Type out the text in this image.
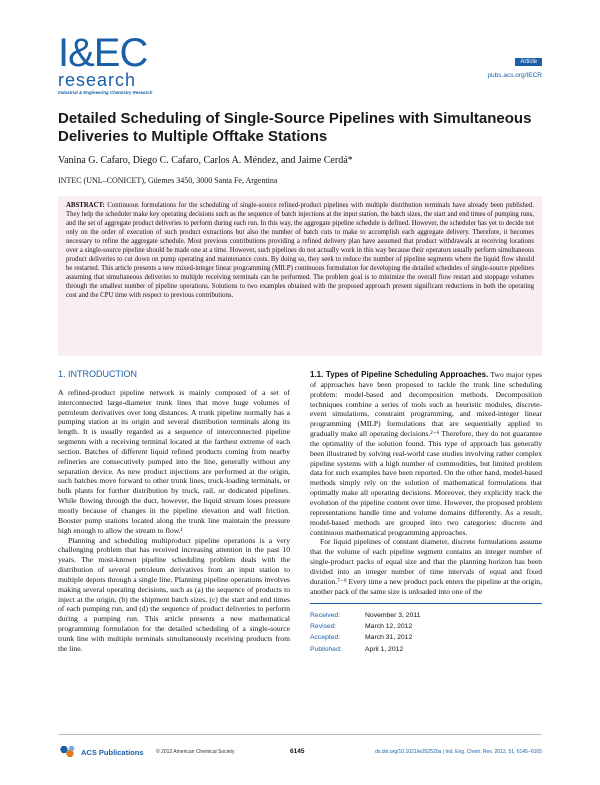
I&EC
research
Industrial & Engineering Chemistry Research
Article
pubs.acs.org/IECR
Detailed Scheduling of Single-Source Pipelines with Simultaneous Deliveries to Multiple Offtake Stations
Vanina G. Cafaro, Diego C. Cafaro, Carlos A. Méndez, and Jaime Cerdá*
INTEC (UNL–CONICET), Güemes 3450, 3000 Santa Fe, Argentina
ABSTRACT: Continuous formulations for the scheduling of single-source refined-product pipelines with multiple distribution terminals have already been published. They help the scheduler make key operating decisions such as the sequence of batch injections at the input station, the batch sizes, the start and end times of pumping runs, and the set of aggregate product deliveries to perform during each run. In this way, the aggregate pipeline schedule is defined. However, the scheduler has yet to decide not only on the order of execution of such product extractions but also the number of batch cuts to make to accomplish each aggregate delivery. Therefore, it becomes necessary to refine the aggregate schedule. Most previous contributions providing a refined delivery plan have assumed that product withdrawals at receiving locations over a single-source pipeline should be made one at a time. However, such pipelines do not actually work in this way because their operators usually perform simultaneous product deliveries to cut down on pump operating and maintenance costs. By doing so, they seek to reduce the number of pipeline segments where the liquid flow should be restarted. This article presents a new mixed-integer linear programming (MILP) continuous formulation for developing the detailed schedules of single-source pipelines assuming that simultaneous deliveries to multiple receiving terminals can be performed. The problem goal is to minimize the overall flow restart and stoppage volumes through the smallest number of pipeline operations. Solutions to two examples obtained with the proposed approach present significant reductions in both the operating cost and the CPU time with respect to previous contributions.
1. INTRODUCTION

A refined-product pipeline network is mainly composed of a set of interconnected large-diameter trunk lines that move huge volumes of petroleum derivatives over long distances. A trunk pipeline normally has a pumping station at its origin and several distribution terminals along its length. It is usually regarded as a sequence of interconnected pipeline segments with a receiving terminal located at the farthest extreme of each section. Batches of different liquid refined products coming from nearby refineries are consecutively pumped into the line, generally without any separation device. As new product injections are performed at the origin, such batches move forward to other trunk lines, truck-loading terminals, or bulk plants for further distribution by truck, rail, or dedicated pipelines. While flowing through the duct, however, the liquid stream loses pressure mostly because of changes in the pipeline elevation and wall friction. Booster pump stations located along the trunk line maintain the pressure high enough to allow the stream to flow.¹

Planning and scheduling multiproduct pipeline operations is a very challenging problem that has received increasing attention in the past 10 years. The most-known pipeline scheduling problem deals with the distribution of several petroleum derivatives from an input station to multiple depots through a single line. Planning pipeline operations involves making several operating decisions, such as (a) the sequence of products to inject at the origin, (b) the shipment batch sizes, (c) the start and end times of each pumping run, and (d) the sequence of product deliveries to perform during a pumping run. This article presents a new mathematical programming formulation for the detailed scheduling of a single-source trunk line with multiple terminals simultaneously receiving products from the line.

1.1. Types of Pipeline Scheduling Approaches. Two major types of approaches have been proposed to tackle the trunk line scheduling problem: model-based and decomposition methods. Decomposition techniques combine a series of tools such as heuristic modules, discrete-event simulations, constraint programming, and mixed-integer linear programming (MILP) formulations that are sequentially applied to gradually make all operating decisions.²⁻⁶ Therefore, they do not guarantee the optimality of the solution found. This type of approach has generally been illustrated by solving real-world case studies involving rather complex pipeline systems with a high number of commodities, but limited problem data for such examples have been reported. On the other hand, model-based methods simply rely on the solution of mathematical formulations that optimally make all operating decisions. Moreover, they explicitly track the evolution of the pipeline content over time. However, the proposed problem representations handle time and volume domains differently. As a result, model-based methods are grouped into two categories: discrete and continuous mathematical programming approaches.

For liquid pipelines of constant diameter, discrete formulations assume that the volume of each pipeline segment contains an integer number of single-product packs of equal size and that the planning horizon has been divided into an integer number of time intervals of equal and fixed duration.⁷⁻⁹ Every time a new product pack enters the pipeline at the origin, another pack of the same size is unloaded into one of the

Received:	November 3, 2011
Revised:	March 12, 2012
Accepted:	March 31, 2012
Published:	April 1, 2012
ACS Publications © 2012 American Chemical Society	6145	dx.doi.org/10.1021/ie202520a | Ind. Eng. Chem. Res. 2012, 51, 6145−6165
